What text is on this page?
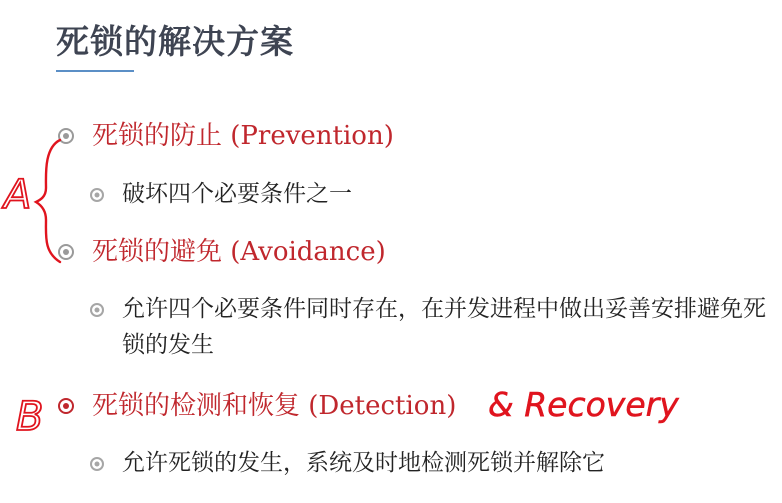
死锁的解决方案
死锁的防止 (Prevention)
破坏四个必要条件之一
死锁的避免 (Avoidance)
允许四个必要条件同时存在，在并发进程中做出妥善安排避免死锁的发生
死锁的检测和恢复 (Detection)
允许死锁的发生，系统及时地检测死锁并解除它
A
B	& Recovery
